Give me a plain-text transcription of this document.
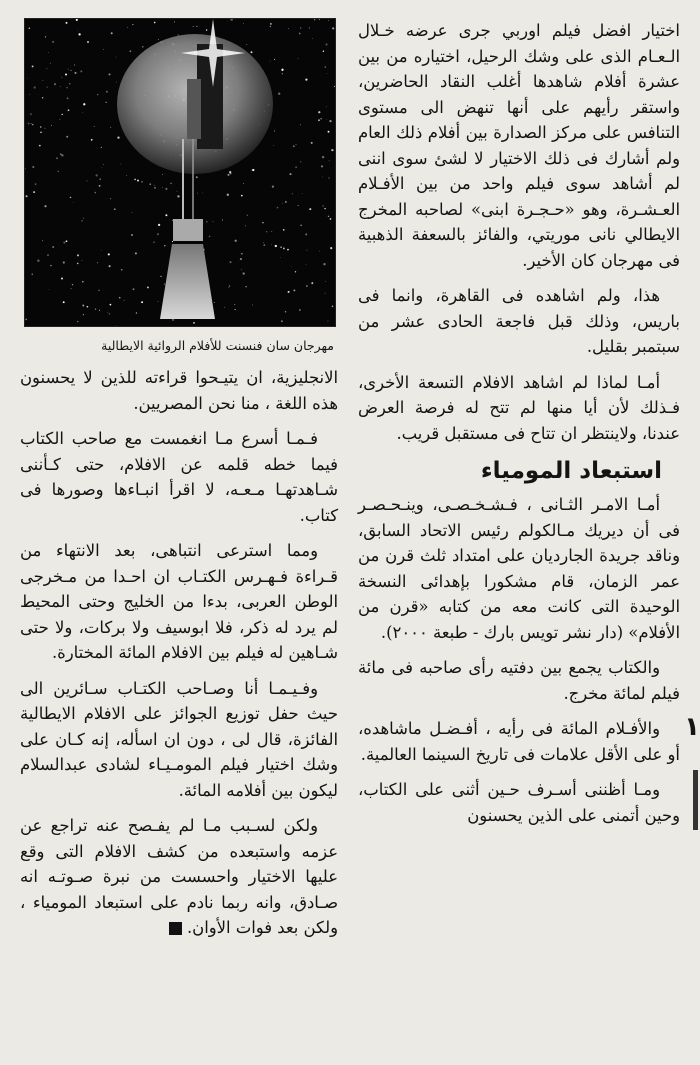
مهرجان سان فنسنت للأفلام الروائية الايطالية

اختيار افضل فيلم اوربي جرى عرضه خـلال الـعـام الذى على وشك الرحيل، اختياره من بين عشرة أفلام شاهدها أغلب النقاد الحاضرين، واستقر رأيهم على أنها تنهض الى مستوى التنافس على مركز الصدارة بين أفلام ذلك العام ولم أشارك فى ذلك الاختيار لا لشئ سوى اننى لم أشاهد سوى فيلم واحد من بين الأفـلام العـشـرة، وهو «حـجـرة ابنى» لصاحبه المخرج الايطالي نانى موريتي، والفائز بالسعفة الذهبية فى مهرجان كان الأخير.

هذا، ولم اشاهده فى القاهرة، وانما فى باريس، وذلك قبل فاجعة الحادى عشر من سبتمبر بقليل.

أمـا لماذا لم اشاهد الافلام التسعة الأخرى، فـذلك لأن أيا منها لم تتح له فرصة العرض عندنا، ولاينتظر ان تتاح فى مستقبل قريب.

استبعاد المومياء

أمـا الامـر الثـانى ، فـشـخـصـى، وينـحـصـر فى أن ديريك مـالكولم رئيس الاتحاد السابق، وناقد جريدة الجارديان على امتداد ثلث قرن من عمر الزمان، قام مشكورا بإهدائى النسخة الوحيدة التى كانت معه من كتابه «قرن من الأفلام» (دار نشر تويس بارك - طبعة ٢٠٠٠).

والكتاب يجمع بين دفتيه رأى صاحبه فى مائة فيلم لمائة مخرج.

والأفـلام المائة فى رأيه ، أفـضـل ماشاهده، أو على الأقل علامات فى تاريخ السينما العالمية.

ومـا أظننى أسـرف حـين أثنى على الكتاب، وحين أتمنى على الذين يحسنون

الانجليزية، ان يتيـحوا قراءته للذين لا يحسنون هذه اللغة ، منا نحن المصريين.

فـمـا أسرع مـا انغمست مع صاحب الكتاب فيما خطه قلمه عن الافلام، حتى كـأننى شـاهدتهـا مـعـه، لا اقرأ انبـاءها وصورها فى كتاب.

ومما استرعى انتباهى، بعد الانتهاء من قـراءة فـهـرس الكتـاب ان احـدا من مـخرجى الوطن العربى، بدءا من الخليج وحتى المحيط لم يرد له ذكر، فلا ابوسيف ولا بركات، ولا حتى شـاهين له فيلم بين الافلام المائة المختارة.

وفـيـمـا أنا وصـاحب الكتـاب سـائرين الى حيث حفل توزيع الجوائز على الافلام الايطالية الفائزة، قال لى ، دون ان اسأله، إنه كـان على وشك اختيار فيلم المومـيـاء لشادى عبدالسلام ليكون بين أفلامه المائة.

ولكن لسـبب مـا لم يفـصح عنه تراجع عن عزمه واستبعده من كشف الافلام التى وقع عليها الاختيار واحسست من نبرة صـوتـه انه صـادق، وانه ربما نادم على استبعاد المومياء ، ولكن بعد فوات الأوان.

١
